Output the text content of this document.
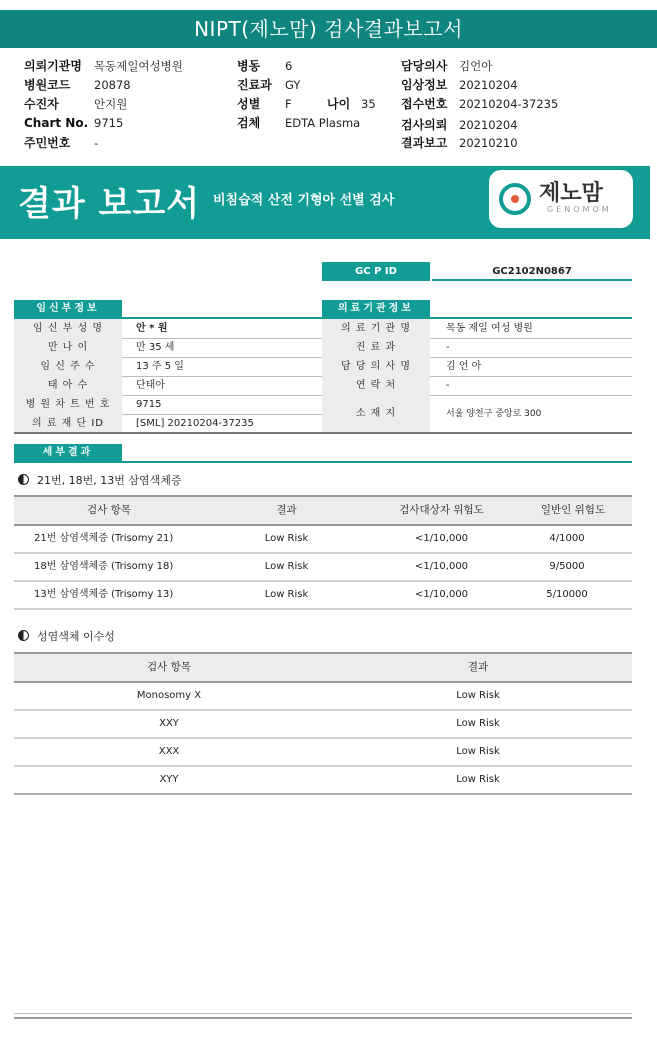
NIPT(제노맘) 검사결과보고서
의뢰기관명 목동제일여성병원
병원코드 20878
수진자	안지원
Chart No. 9715
주민번호 -
병동 6
진료과 GY
성별 F	나이 35
검체 EDTA Plasma
담당의사 김언아
임상정보 20210204
접수번호 20210204-37235
검사의뢰 20210204
결과보고 20210210
결과 보고서 비침습적 산전 기형아 선별 검사	제노맘
GENOMOM
GC P ID	GC2102N0867
임신부정보
임 신 부 성 명	안 * 원
만 나 이	만 35 세
임 신 주 수	13 주 5 일
태 아 수	단태아
병 원 차 트 번 호	9715
의 료 재 단 ID	[SML] 20210204-37235
의료기관정보
의 료 기 관 명	목동 제일 여성 병원
진 료 과	-
담 당 의 사 명	김 언 아
연 락 처	-
소 재 지	서울 양천구 중앙로 300
세부결과
21번, 18번, 13번 삼염색체증
검사 항목	결과	검사대상자 위험도	일반인 위험도
21번 삼염색체증 (Trisomy 21)	Low Risk	<1/10,000	4/1000
18번 삼염색체증 (Trisomy 18)	Low Risk	<1/10,000	9/5000
13번 삼염색체증 (Trisomy 13)	Low Risk	<1/10,000	5/10000
성염색체 이수성
검사 항목	결과
Monosomy X	Low Risk
XXY	Low Risk
XXX	Low Risk
XYY	Low Risk
